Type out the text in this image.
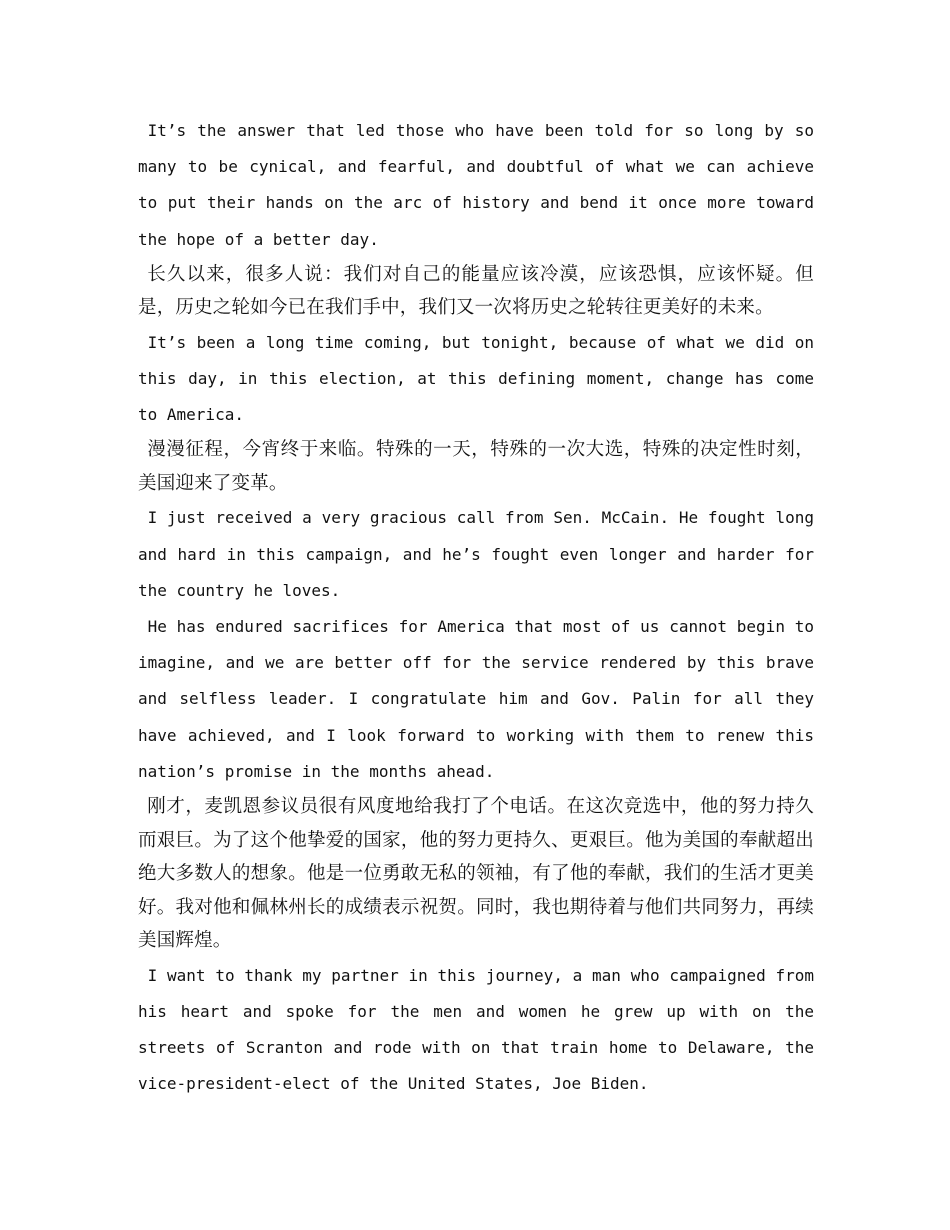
It’s the answer that led those who have been told for so long by so many to be cynical, and fearful, and doubtful of what we can achieve to put their hands on the arc of history and bend it once more toward the hope of a better day.

长久以来，很多人说：我们对自己的能量应该冷漠，应该恐惧，应该怀疑。但是，历史之轮如今已在我们手中，我们又一次将历史之轮转往更美好的未来。

It’s been a long time coming, but tonight, because of what we did on this day, in this election, at this defining moment, change has come to America.

漫漫征程，今宵终于来临。特殊的一天，特殊的一次大选，特殊的决定性时刻，美国迎来了变革。

I just received a very gracious call from Sen. McCain. He fought long and hard in this campaign, and he’s fought even longer and harder for the country he loves.

He has endured sacrifices for America that most of us cannot begin to imagine, and we are better off for the service rendered by this brave and selfless leader. I congratulate him and Gov. Palin for all they have achieved, and I look forward to working with them to renew this nation’s promise in the months ahead.

刚才，麦凯恩参议员很有风度地给我打了个电话。在这次竞选中，他的努力持久而艰巨。为了这个他挚爱的国家，他的努力更持久、更艰巨。他为美国的奉献超出绝大多数人的想象。他是一位勇敢无私的领袖，有了他的奉献，我们的生活才更美好。我对他和佩林州长的成绩表示祝贺。同时，我也期待着与他们共同努力，再续美国辉煌。

I want to thank my partner in this journey, a man who campaigned from his heart and spoke for the men and women he grew up with on the streets of Scranton and rode with on that train home to Delaware, the vice-president-elect of the United States, Joe Biden.
